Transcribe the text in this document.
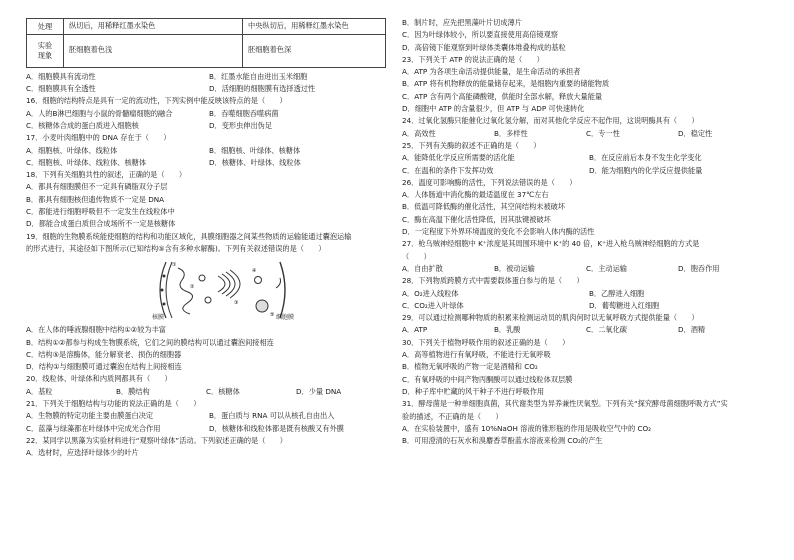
处理	纵切后，用稀释红墨水染色	中央纵切后，用稀释红墨水染色

实验
现象	胚细胞着色浅	胚细胞着色深
A．细胞膜具有流动性	B．红墨水能自由进出玉米细胞
C．细胞膜具有全透性	D．活细胞的细胞膜有选择透过性
16．细胞的结构特点是具有一定的流动性，下列实例中能反映该特点的是（　　）
A．人的B淋巴细胞与小鼠的骨髓瘤细胞的融合	B．吞噬细胞吞噬病菌
C．核糖体合成的蛋白质进入细胞核	D．变形虫伸出伪足
17．小麦叶肉细胞中的 DNA 存在于（　　）
A．细胞核、叶绿体、线粒体	B．细胞核、叶绿体、核糖体
C．细胞核、叶绿体、线粒体、核糖体	D．核糖体、叶绿体、线粒体
18．下列有关细胞共性的叙述，正确的是（　　）
A．都具有细胞膜但不一定具有磷脂双分子层
B．都具有细胞核但遗传物质不一定是 DNA
C．都能进行细胞呼吸但不一定发生在线粒体中
D．都能合成蛋白质但合成场所不一定是核糖体
19．细胞的生物膜系统能使细胞的结构和功能区域化，具膜细胞器之间某些物质的运输能通过囊泡运输
的形式进行，其途径如下图所示(已知结构⑤含有多种水解酶)。下列有关叙述错误的是（　　）
①
②
③
④
⑤
核膜	细胞膜
A．在人体的唾液腺细胞中结构①②较为丰富
B．结构①②都参与构成生物膜系统，它们之间的膜结构可以通过囊泡间接相连
C．结构⑤是溶酶体，能分解衰老、损伤的细胞器
D．结构①与细胞膜可通过囊泡在结构上间接相连
20．线粒体、叶绿体和内质网都具有（　　）
A．基粒	B．膜结构	C．核糖体	D．少量 DNA
21．下列关于细胞结构与功能的说法正确的是（　　）
A．生物膜的特定功能主要由膜蛋白决定	B．蛋白质与 RNA 可以从核孔自由出入
C．蓝藻与绿藻都在叶绿体中完成光合作用	D．核糖体和线粒体都是既有核酸又有外膜
22．某同学以黑藻为实验材料进行“观察叶绿体”活动。下列叙述正确的是（　　）
A．选材时，应选择叶绿体少的叶片
B．制片时，应先把黑藻叶片切成薄片
C．因为叶绿体较小，所以要直接使用高倍镜观察
D．高倍镜下能观察到叶绿体类囊体堆叠构成的基粒
23．下列关于 ATP 的说法正确的是（　　）
A．ATP 为各项生命活动提供能量，是生命活动的承担者
B．ATP 将有机物释放的能量储存起来，是细胞内重要的储能物质
C．ATP 含有两个高能磷酸键，供能时全部水解，释放大量能量
D．细胞中 ATP 的含量很少，但 ATP 与 ADP 可快速转化
24．过氧化氢酶只能催化过氧化氢分解，而对其他化学反应不起作用，这说明酶具有（　　）
A．高效性	B．多样性	C．专一性	D．稳定性
25．下列有关酶的叙述不正确的是（　　）
A．能降低化学反应所需要的活化能	B．在反应前后本身不发生化学变化
C．在温和的条件下发挥功效	D．能为细胞内的化学反应提供能量
26．温度可影响酶的活性，下列说法错误的是（　　）
A．人体肠道中消化酶的最适温度在 37℃左右
B．低温可降低酶的催化活性，其空间结构未被破坏
C．酶在高温下催化活性降低，因其肽键被破坏
D．一定程度下外界环境温度的变化不会影响人体内酶的活性
27．枪乌贼神经细胞中 K⁺浓度是其周围环境中 K⁺的 40 倍，K⁺进入枪乌贼神经细胞的方式是
（　　）
A．自由扩散	B．被动运输	C．主动运输	D．胞吞作用
28．下列物质跨膜方式中需要载体蛋白参与的是（　　）
A．O₂进入线粒体	B．乙醇进入细胞
C．CO₂进入叶绿体	D．葡萄糖进入红细胞
29．可以通过检测哪种物质的积累来检测运动员的肌肉何时以无氧呼吸方式提供能量（　　）
A．ATP	B．乳酸	C．二氧化碳	D．酒精
30．下列关于植物呼吸作用的叙述正确的是（　　）
A．高等植物进行有氧呼吸，不能进行无氧呼吸
B．植物无氧呼吸的产物一定是酒精和 CO₂
C．有氧呼吸的中间产物丙酮酸可以通过线粒体双层膜
D．种子库中贮藏的风干种子不进行呼吸作用
31．酵母菌是一种单细胞真菌，其代谢类型为异养兼性厌氧型。下列有关“探究酵母菌细胞呼吸方式”实
验的描述，不正确的是（　　）
A．在实验装置中，盛有 10%NaOH 溶液的锥形瓶的作用是吸收空气中的 CO₂
B．可用澄清的石灰水和溴麝香草酚蓝水溶液来检测 CO₂的产生
